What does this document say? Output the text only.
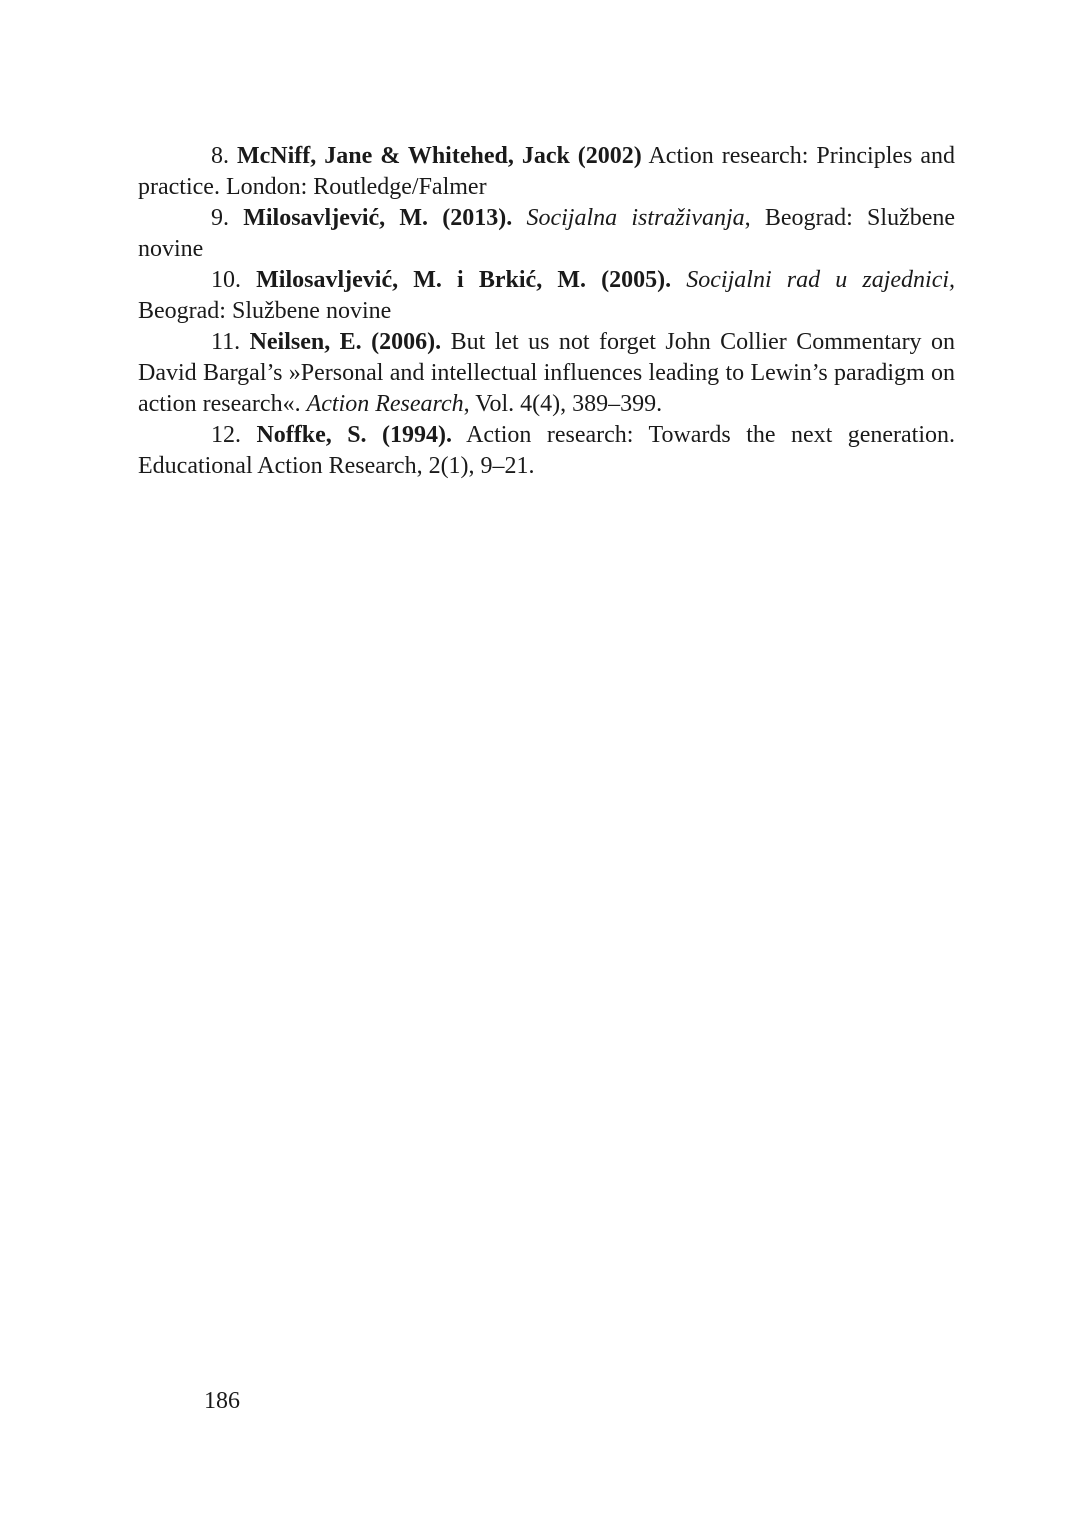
8. McNiff, Jane & Whitehed, Jack (2002) Action research: Principles and practice. London: Routledge/Falmer

9. Milosavljević, M. (2013). Socijalna istraživanja, Beograd: Službene novine

10. Milosavljević, M. i Brkić, M. (2005). Socijalni rad u zajednici, Beograd: Službene novine

11. Neilsen, E. (2006). But let us not forget John Collier Commentary on David Bargal’s »Personal and intellectual influences leading to Lewin’s paradigm on action research«. Action Research, Vol. 4(4), 389–399.

12. Noffke, S. (1994). Action research: Towards the next generation. Educational Action Research, 2(1), 9–21.

186
